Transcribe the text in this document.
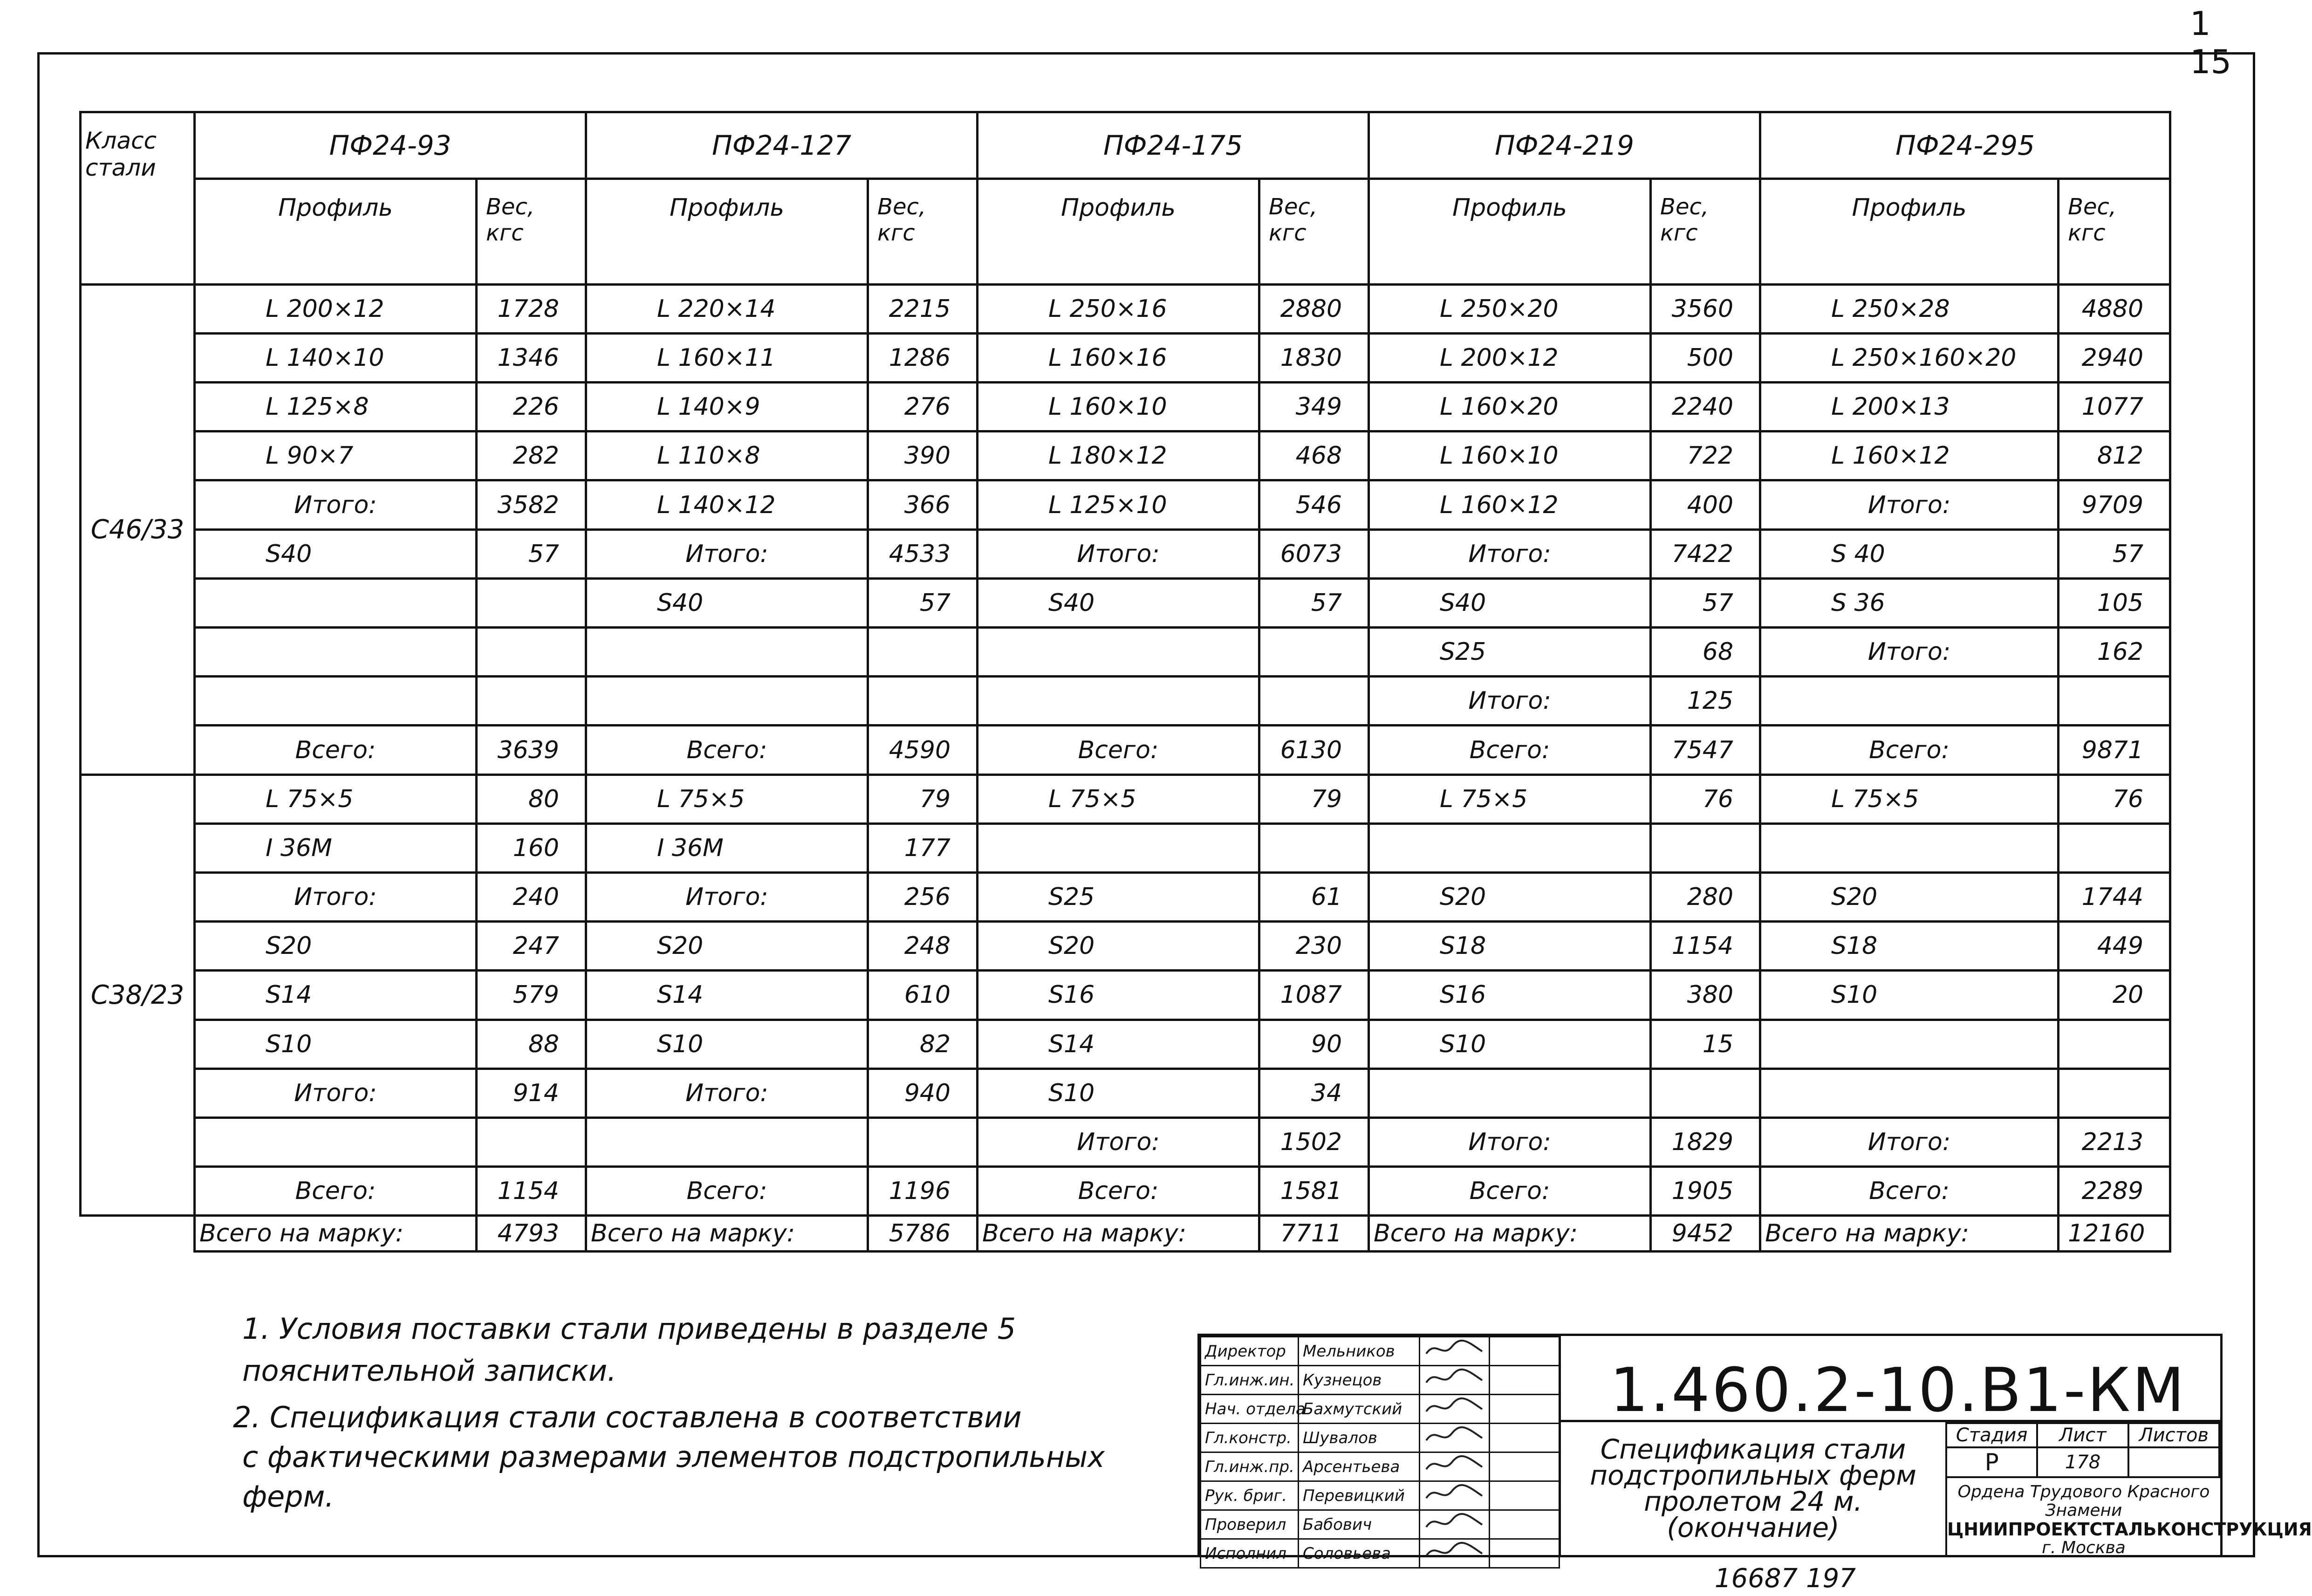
1 15
Класс стали	ПФ24-93		ПФ24-127		ПФ24-175		ПФ24-219		ПФ24-295	
	Профиль	Вес, кгс	Профиль	Вес, кгс	Профиль	Вес, кгс	Профиль	Вес, кгс	Профиль	Вес, кгс
С46/33	L 200×12	1728	L 220×14	2215	L 250×16	2880	L 250×20	3560	L 250×28	4880
	L 140×10	1346	L 160×11	1286	L 160×16	1830	L 200×12	500	L 250×160×20	2940
	L 125×8	226	L 140×9	276	L 160×10	349	L 160×20	2240	L 200×13	1077
	L 90×7	282	L 110×8	390	L 180×12	468	L 160×10	722	L 160×12	812
	Итого:	3582	L 140×12	366	L 125×10	546	L 160×12	400	Итого:	9709
	S40	57	Итого:	4533	Итого:	6073	Итого:	7422	S 40	57
			S40	57	S40	57	S40	57	S 36	105
							S25	68	Итого:	162
							Итого:	125		
	Всего:	3639	Всего:	4590	Всего:	6130	Всего:	7547	Всего:	9871
С38/23	L 75×5	80	L 75×5	79	L 75×5	79	L 75×5	76	L 75×5	76
	I 36М	160	I 36М	177						
	Итого:	240	Итого:	256	S25	61	S20	280	S20	1744
	S20	247	S20	248	S20	230	S18	1154	S18	449
	S14	579	S14	610	S16	1087	S16	380	S10	20
	S10	88	S10	82	S14	90	S10	15		
	Итого:	914	Итого:	940	S10	34				
					Итого:	1502	Итого:	1829	Итого:	2213
	Всего:	1154	Всего:	1196	Всего:	1581	Всего:	1905	Всего:	2289
	Всего на марку:	4793	Всего на марку:	5786	Всего на марку:	7711	Всего на марку:	9452	Всего на марку:	12160
1. Условия поставки стали приведены в разделе 5
пояснительной записки.
2. Спецификация стали составлена в соответствии
с фактическими размерами элементов подстропильных
ферм.
Директор	Мельников		
Гл.инж.ин.	Кузнецов		
Нач. отдела	Бахмутский		
Гл.констр.	Шувалов		
Гл.инж.пр.	Арсентьева		
Рук. бриг.	Перевицкий		
Проверил	Бабович		
Исполнил	Соловьева		
1.460.2-10.В1-КМ
Спецификация стали
подстропильных ферм
пролетом 24 м.
(окончание)
Стадия	Лист	Листов
Р	178	
Ордена Трудового Красного
Знамени
ЦНИИПРОЕКТСТАЛЬКОНСТРУКЦИЯ
г. Москва
16687 197
